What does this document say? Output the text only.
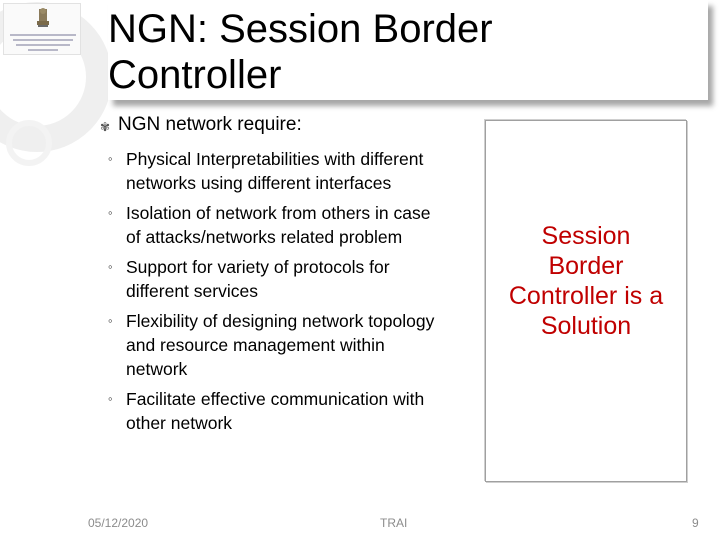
NGN: Session Border Controller
✾ NGN network require:
◦ Physical Interpretabilities with different networks using different interfaces
◦ Isolation of network from others in case of attacks/networks related problem
◦ Support for variety of protocols for different services
◦ Flexibility of designing network topology and resource management within network
◦ Facilitate effective communication with other network

Session Border Controller is a Solution

05/12/2020	TRAI	9
